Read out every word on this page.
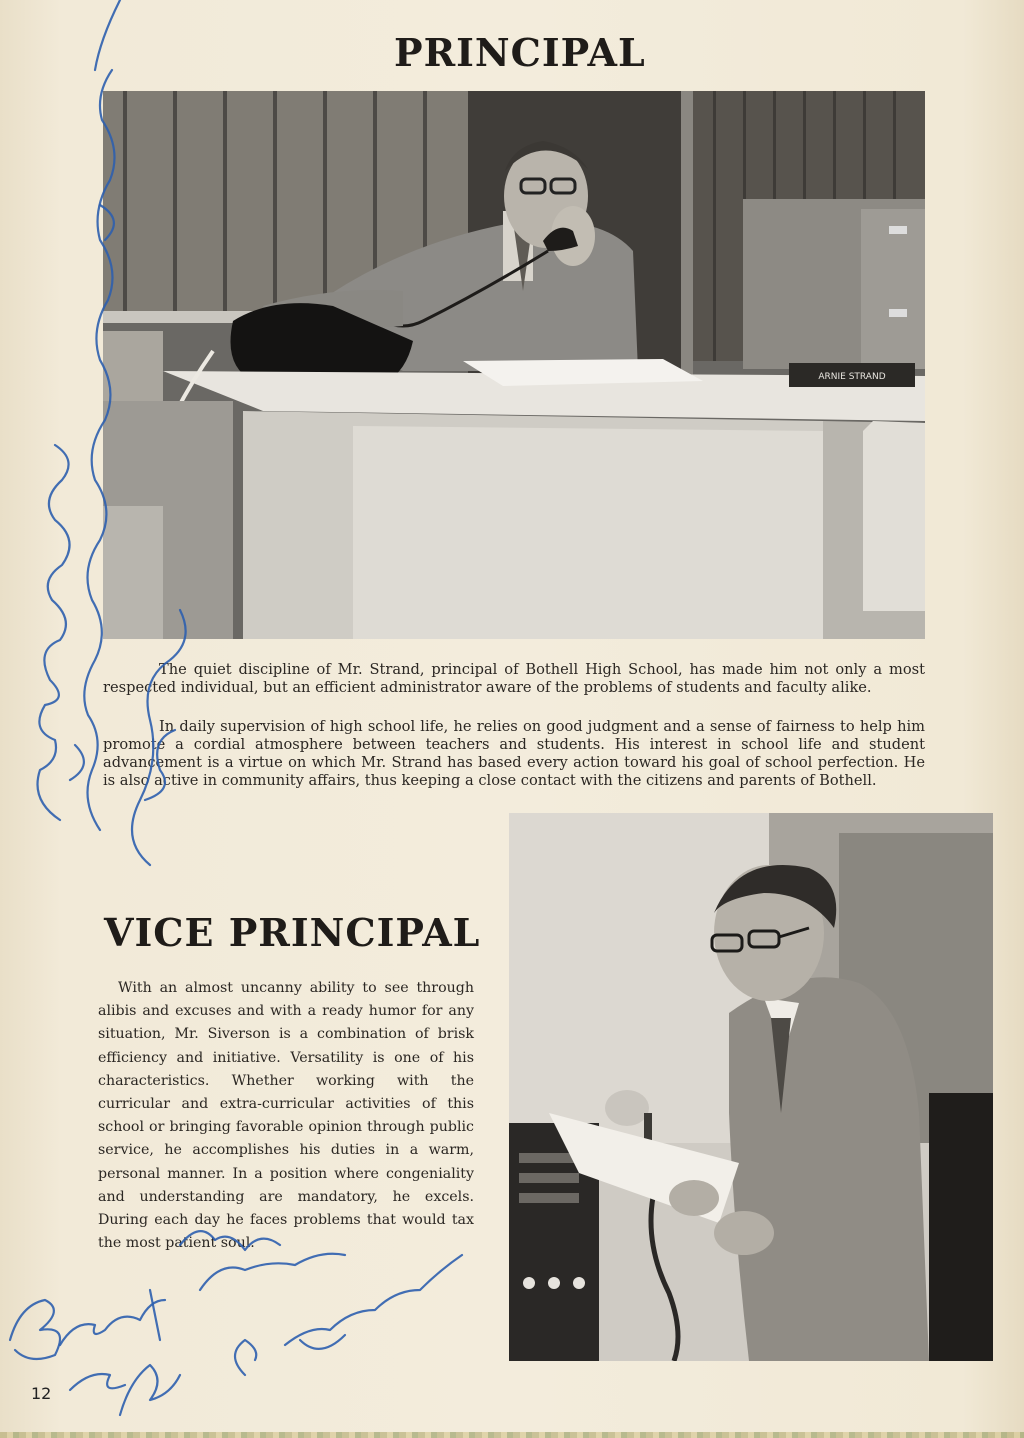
PRINCIPAL
ARNIE STRAND

The quiet discipline of Mr. Strand, principal of Bothell High School, has made him not only a most respected individual, but an efficient administrator aware of the problems of students and faculty alike.

In daily supervision of high school life, he relies on good judgment and a sense of fairness to help him promote a cordial atmosphere between teachers and students. His interest in school life and student advancement is a virtue on which Mr. Strand has based every action toward his goal of school perfection. He is also active in community affairs, thus keeping a close contact with the citizens and parents of Bothell.

VICE PRINCIPAL

With an almost uncanny ability to see through alibis and excuses and with a ready humor for any situation, Mr. Siverson is a combination of brisk efficiency and initiative. Versatility is one of his characteristics. Whether working with the curricular and extra-curricular activities of this school or bringing favorable opinion through public service, he accomplishes his duties in a warm, personal manner. In a position where congeniality and understanding are mandatory, he excels. During each day he faces problems that would tax the most patient soul.

12
